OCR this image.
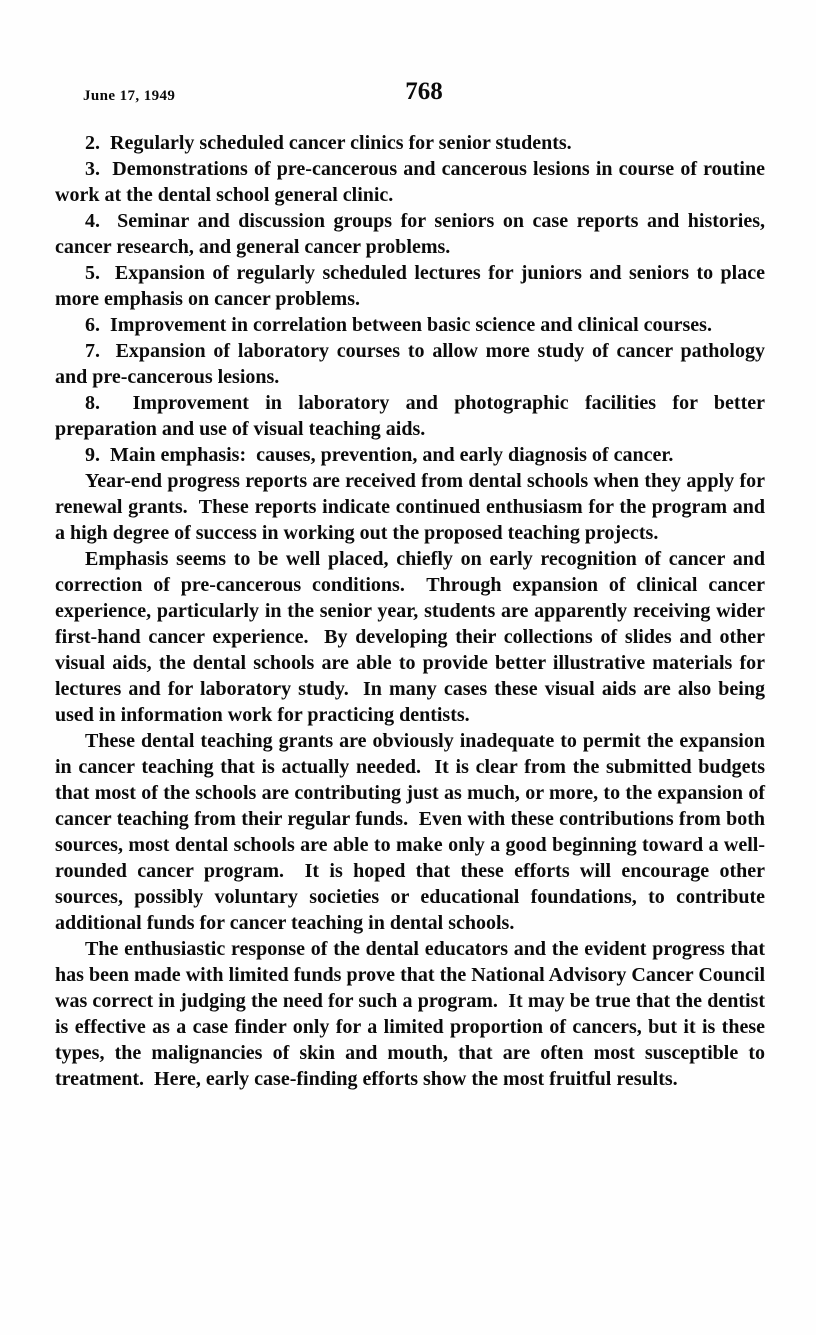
June 17, 1949	768

2.  Regularly scheduled cancer clinics for senior students.

3.  Demonstrations of pre-cancerous and cancerous lesions in course of routine work at the dental school general clinic.

4.  Seminar and discussion groups for seniors on case reports and histories, cancer research, and general cancer problems.

5.  Expansion of regularly scheduled lectures for juniors and seniors to place more emphasis on cancer problems.

6.  Improvement in correlation between basic science and clinical courses.

7.  Expansion of laboratory courses to allow more study of cancer pathology and pre-cancerous lesions.

8.  Improvement in laboratory and photographic facilities for better preparation and use of visual teaching aids.

9.  Main emphasis:  causes, prevention, and early diagnosis of cancer.

Year-end progress reports are received from dental schools when they apply for renewal grants.  These reports indicate continued enthusiasm for the program and a high degree of success in working out the proposed teaching projects.

Emphasis seems to be well placed, chiefly on early recognition of cancer and correction of pre-cancerous conditions.  Through expansion of clinical cancer experience, particularly in the senior year, students are apparently receiving wider first-hand cancer experience.  By developing their collections of slides and other visual aids, the dental schools are able to provide better illustrative materials for lectures and for laboratory study.  In many cases these visual aids are also being used in information work for practicing dentists.

These dental teaching grants are obviously inadequate to permit the expansion in cancer teaching that is actually needed.  It is clear from the submitted budgets that most of the schools are contributing just as much, or more, to the expansion of cancer teaching from their regular funds.  Even with these contributions from both sources, most dental schools are able to make only a good beginning toward a well-rounded cancer program.  It is hoped that these efforts will encourage other sources, possibly voluntary societies or educational foundations, to contribute additional funds for cancer teaching in dental schools.

The enthusiastic response of the dental educators and the evident progress that has been made with limited funds prove that the National Advisory Cancer Council was correct in judging the need for such a program.  It may be true that the dentist is effective as a case finder only for a limited proportion of cancers, but it is these types, the malignancies of skin and mouth, that are often most susceptible to treatment.  Here, early case-finding efforts show the most fruitful results.
